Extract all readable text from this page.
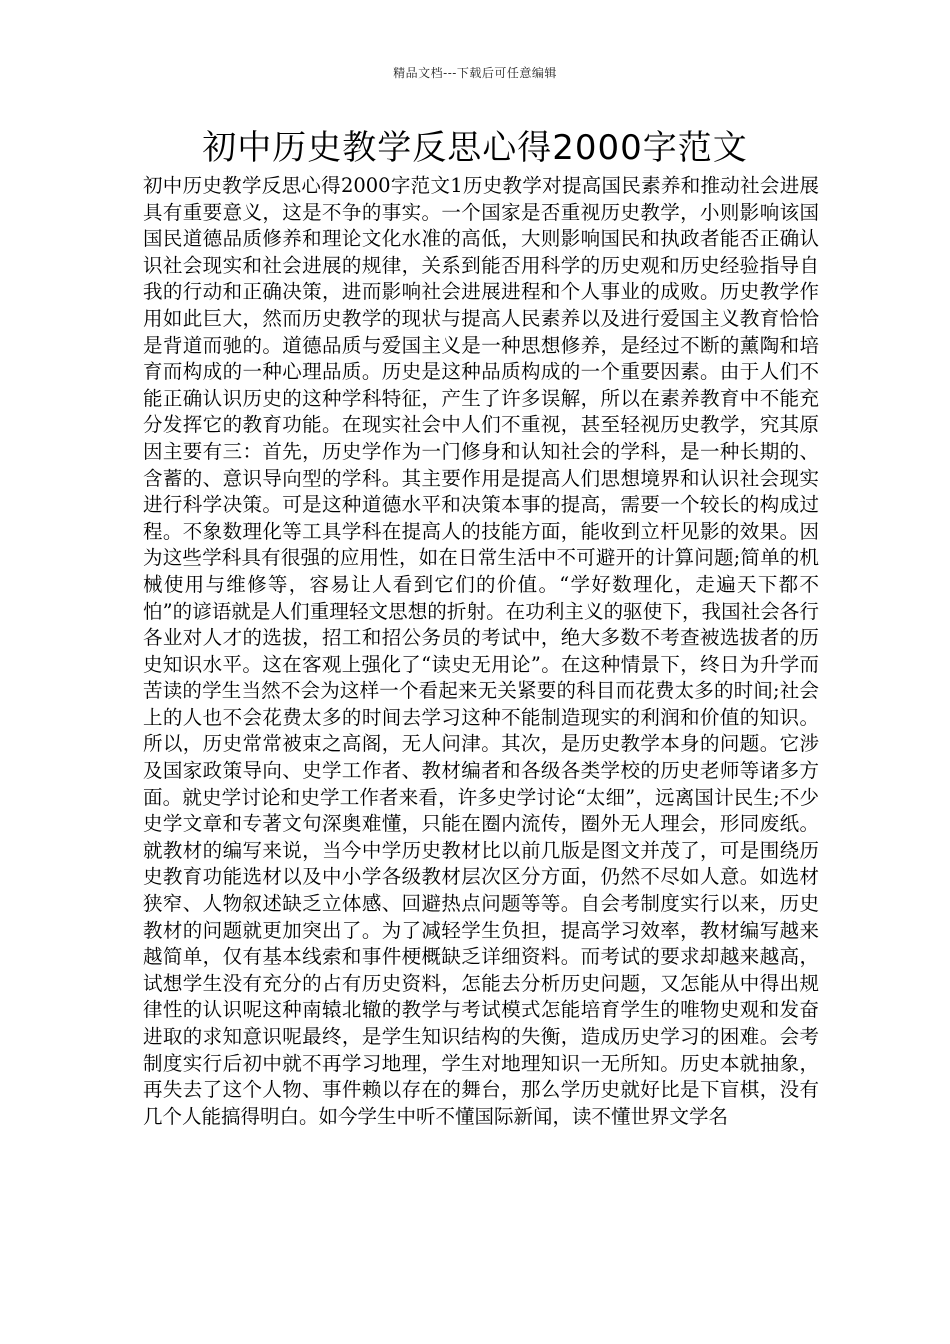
精品文档---下载后可任意编辑
初中历史教学反思心得2000字范文

初中历史教学反思心得2000字范文1历史教学对提高国民素养和推动社会进展具有重要意义，这是不争的事实。一个国家是否重视历史教学，小则影响该国国民道德品质修养和理论文化水准的高低，大则影响国民和执政者能否正确认识社会现实和社会进展的规律，关系到能否用科学的历史观和历史经验指导自我的行动和正确决策，进而影响社会进展进程和个人事业的成败。历史教学作用如此巨大，然而历史教学的现状与提高人民素养以及进行爱国主义教育恰恰是背道而驰的。道德品质与爱国主义是一种思想修养，是经过不断的薰陶和培育而构成的一种心理品质。历史是这种品质构成的一个重要因素。由于人们不能正确认识历史的这种学科特征，产生了许多误解，所以在素养教育中不能充分发挥它的教育功能。在现实社会中人们不重视，甚至轻视历史教学，究其原因主要有三：首先，历史学作为一门修身和认知社会的学科，是一种长期的、含蓄的、意识导向型的学科。其主要作用是提高人们思想境界和认识社会现实进行科学决策。可是这种道德水平和决策本事的提高，需要一个较长的构成过程。不象数理化等工具学科在提高人的技能方面，能收到立杆见影的效果。因为这些学科具有很强的应用性，如在日常生活中不可避开的计算问题;简单的机械使用与维修等，容易让人看到它们的价值。“学好数理化，走遍天下都不怕”的谚语就是人们重理轻文思想的折射。在功利主义的驱使下，我国社会各行各业对人才的选拔，招工和招公务员的考试中，绝大多数不考查被选拔者的历史知识水平。这在客观上强化了“读史无用论”。在这种情景下，终日为升学而苦读的学生当然不会为这样一个看起来无关紧要的科目而花费太多的时间;社会上的人也不会花费太多的时间去学习这种不能制造现实的利润和价值的知识。所以，历史常常被束之高阁，无人问津。其次，是历史教学本身的问题。它涉及国家政策导向、史学工作者、教材编者和各级各类学校的历史老师等诸多方面。就史学讨论和史学工作者来看，许多史学讨论“太细”，远离国计民生;不少史学文章和专著文句深奥难懂，只能在圈内流传，圈外无人理会，形同废纸。就教材的编写来说，当今中学历史教材比以前几版是图文并茂了，可是围绕历史教育功能选材以及中小学各级教材层次区分方面，仍然不尽如人意。如选材狭窄、人物叙述缺乏立体感、回避热点问题等等。自会考制度实行以来，历史教材的问题就更加突出了。为了减轻学生负担，提高学习效率，教材编写越来越简单，仅有基本线索和事件梗概缺乏详细资料。而考试的要求却越来越高，试想学生没有充分的占有历史资料，怎能去分析历史问题，又怎能从中得出规律性的认识呢这种南辕北辙的教学与考试模式怎能培育学生的唯物史观和发奋进取的求知意识呢最终，是学生知识结构的失衡，造成历史学习的困难。会考制度实行后初中就不再学习地理，学生对地理知识一无所知。历史本就抽象，再失去了这个人物、事件赖以存在的舞台，那么学历史就好比是下盲棋，没有几个人能搞得明白。如今学生中听不懂国际新闻，读不懂世界文学名
